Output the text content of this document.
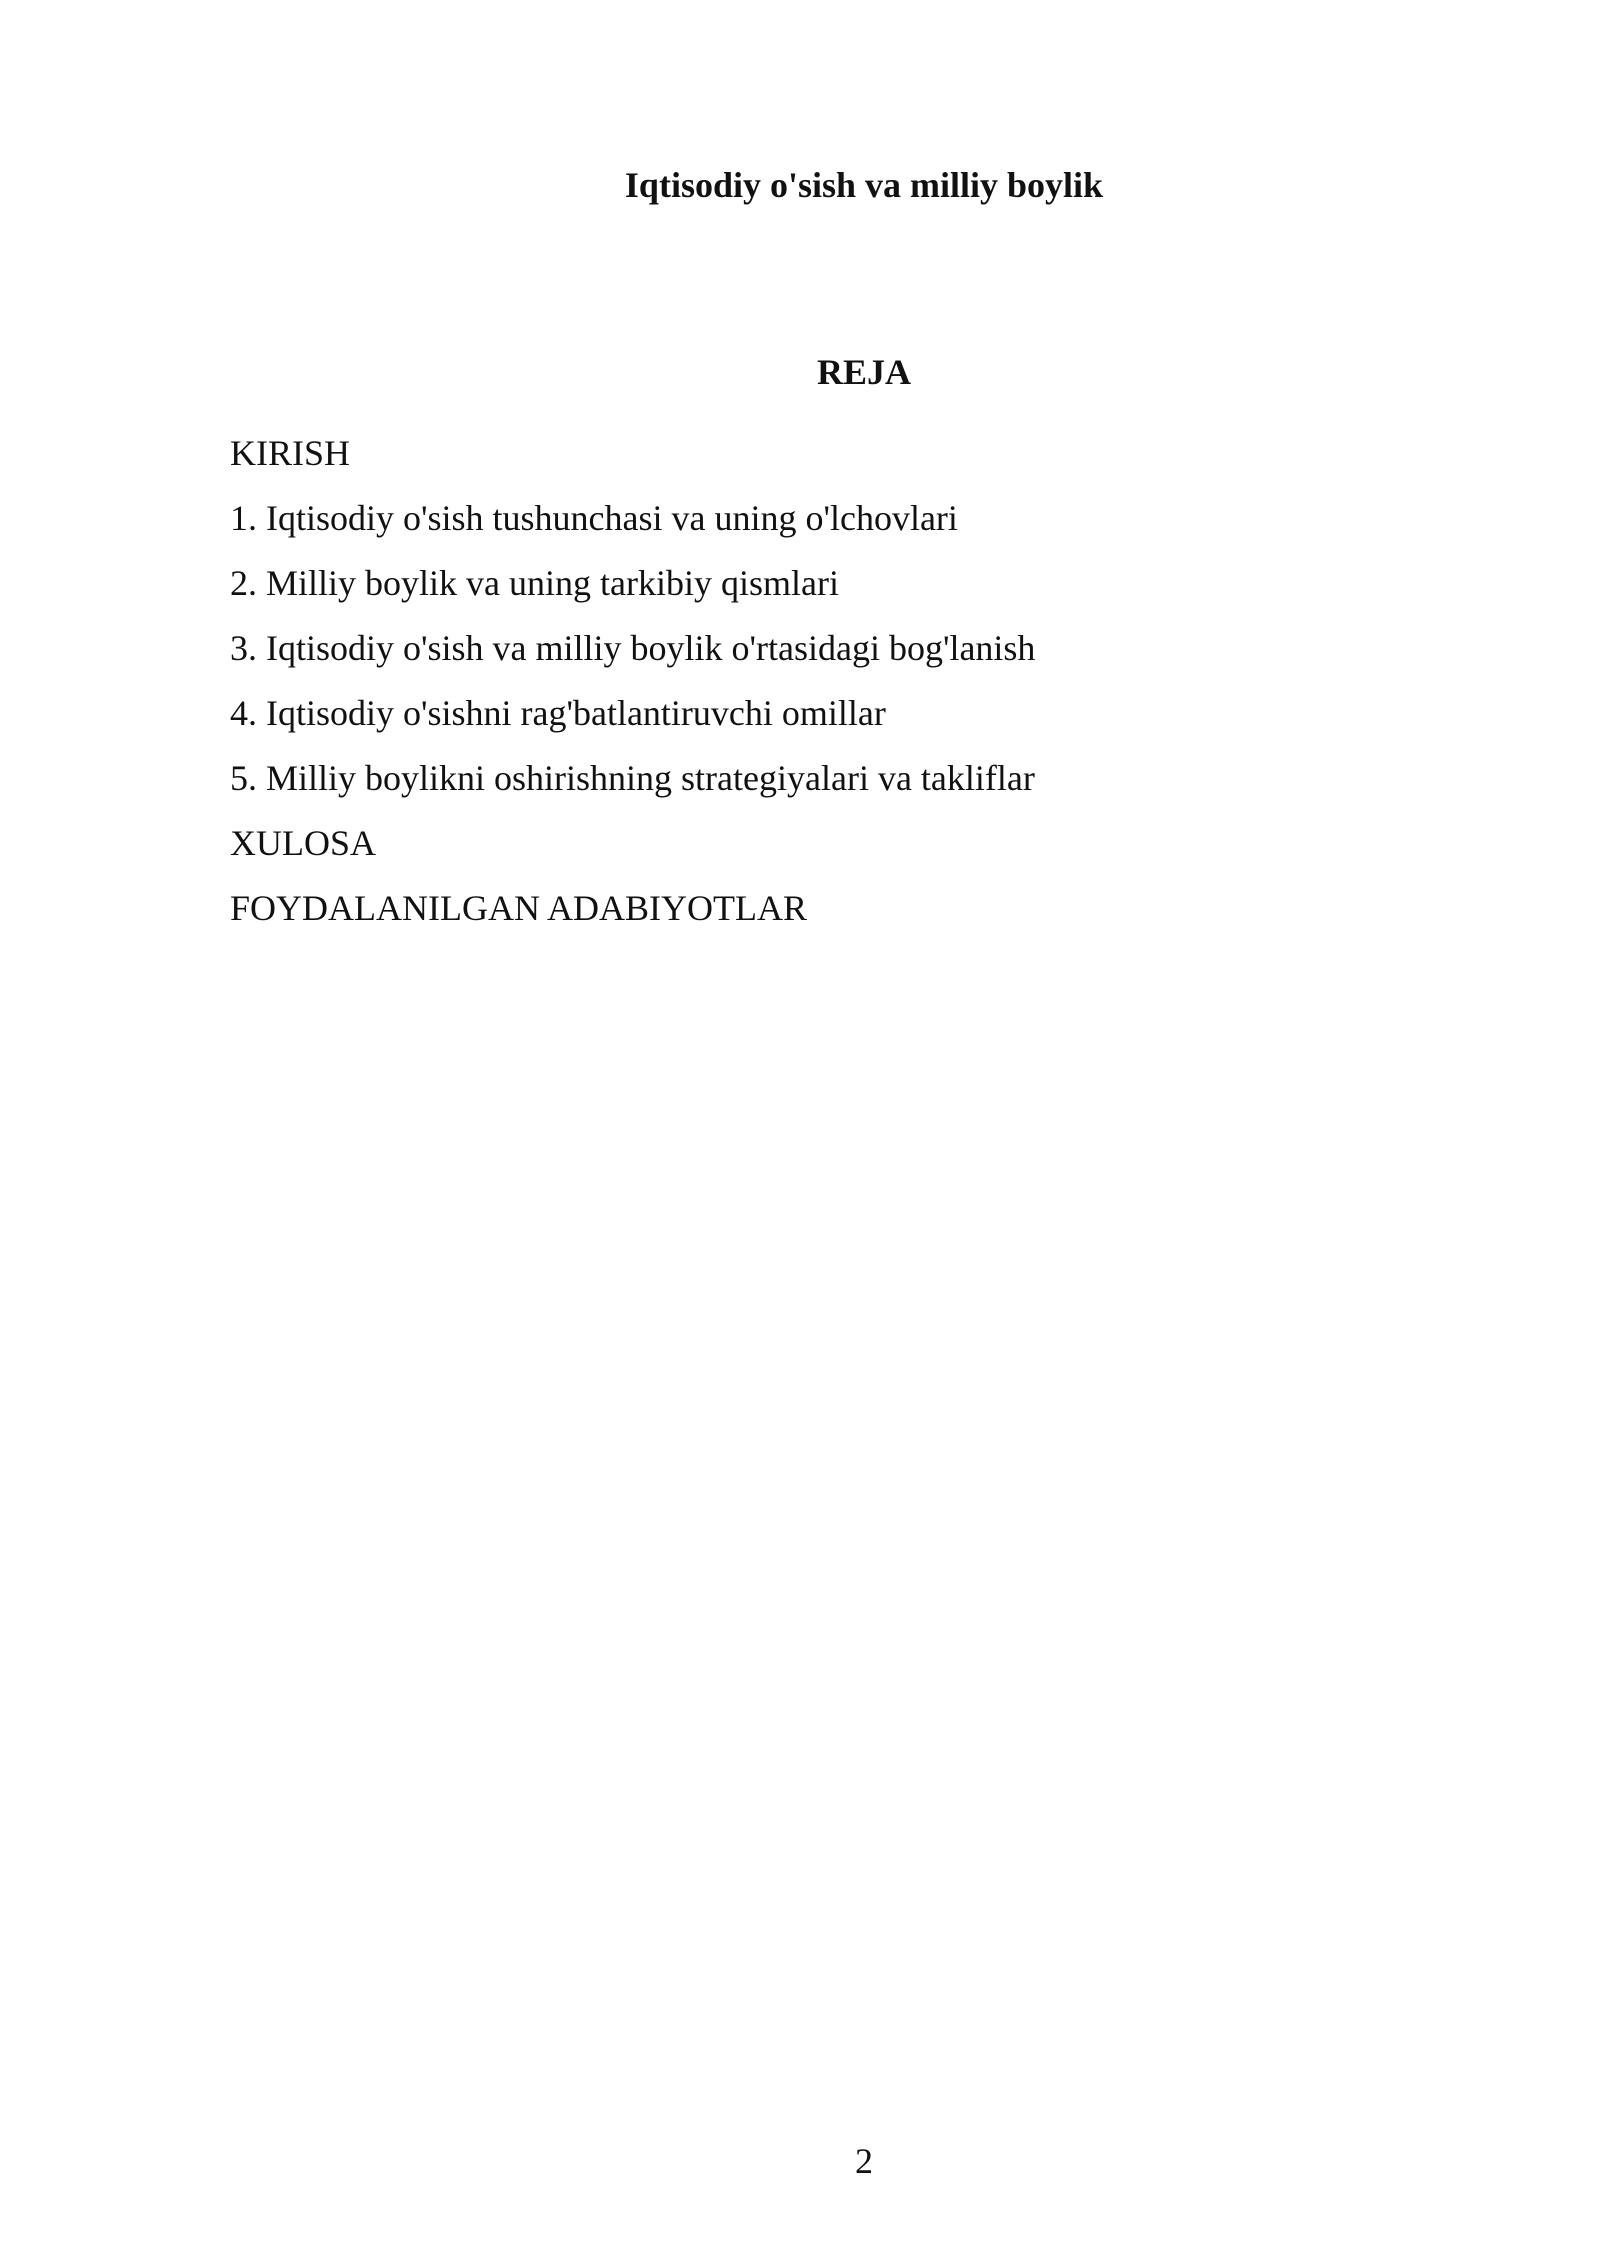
Iqtisodiy o'sish va milliy boylik
REJA
KIRISH
1. Iqtisodiy o'sish tushunchasi va uning o'lchovlari
2. Milliy boylik va uning tarkibiy qismlari
3. Iqtisodiy o'sish va milliy boylik o'rtasidagi bog'lanish
4. Iqtisodiy o'sishni rag'batlantiruvchi omillar
5. Milliy boylikni oshirishning strategiyalari va takliflar
XULOSA
FOYDALANILGAN ADABIYOTLAR
2
